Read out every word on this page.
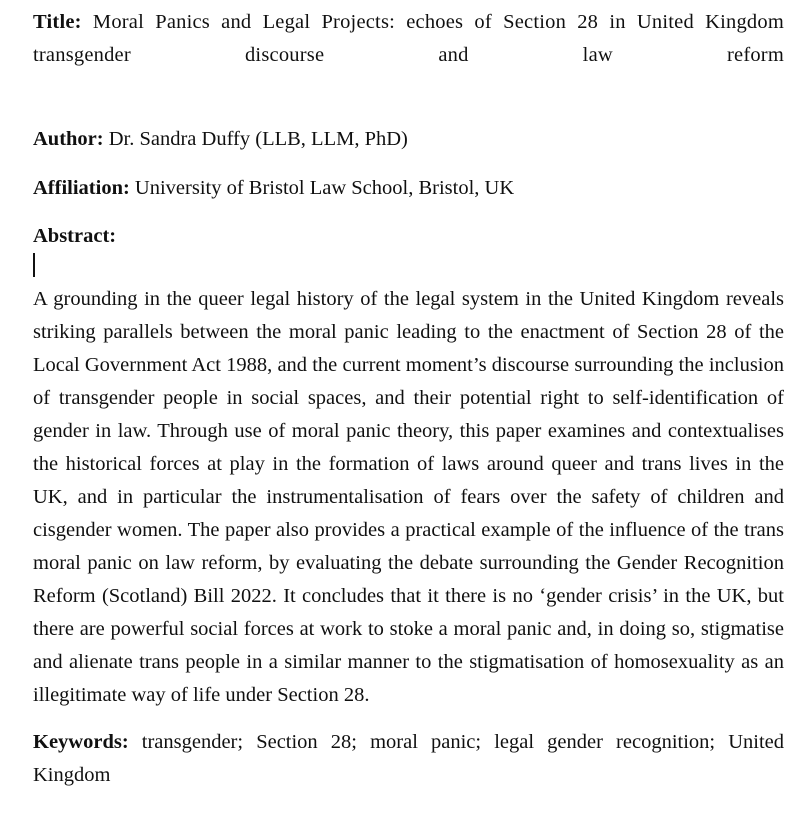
Title: Moral Panics and Legal Projects: echoes of Section 28 in United Kingdom transgender discourse and law reform
Author: Dr. Sandra Duffy (LLB, LLM, PhD)
Affiliation: University of Bristol Law School, Bristol, UK
Abstract:
A grounding in the queer legal history of the legal system in the United Kingdom reveals striking parallels between the moral panic leading to the enactment of Section 28 of the Local Government Act 1988, and the current moment’s discourse surrounding the inclusion of transgender people in social spaces, and their potential right to self-identification of gender in law. Through use of moral panic theory, this paper examines and contextualises the historical forces at play in the formation of laws around queer and trans lives in the UK, and in particular the instrumentalisation of fears over the safety of children and cisgender women. The paper also provides a practical example of the influence of the trans moral panic on law reform, by evaluating the debate surrounding the Gender Recognition Reform (Scotland) Bill 2022. It concludes that it there is no ‘gender crisis’ in the UK, but there are powerful social forces at work to stoke a moral panic and, in doing so, stigmatise and alienate trans people in a similar manner to the stigmatisation of homosexuality as an illegitimate way of life under Section 28.
Keywords: transgender; Section 28; moral panic; legal gender recognition; United Kingdom
